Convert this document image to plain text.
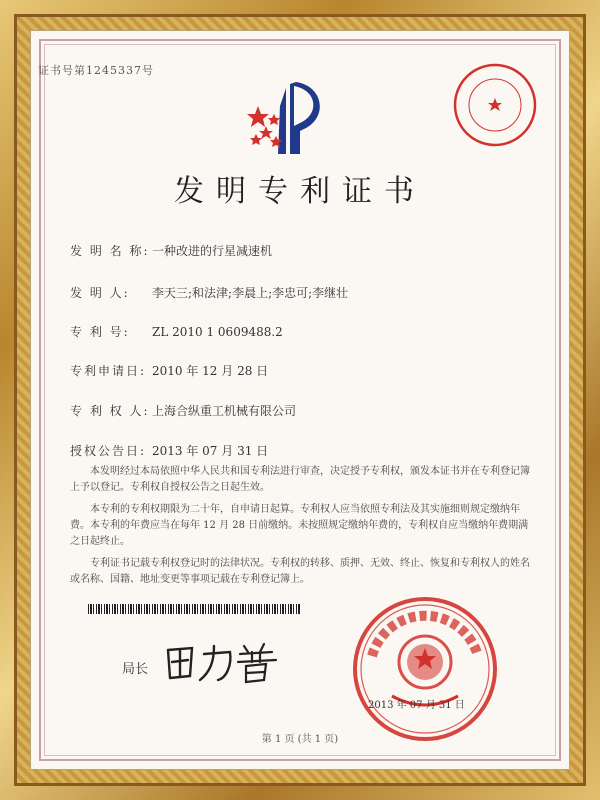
证书号第1245337号
发明专利证书
发 明 名 称: 一种改进的行星减速机
发 明 人: 李天三;和法津;李晨上;李忠可;李继壮
专 利 号: ZL 2010 1 0609488.2
专利申请日: 2010 年 12 月 28 日
专 利 权 人: 上海合纵重工机械有限公司
授权公告日: 2013 年 07 月 31 日

本发明经过本局依照中华人民共和国专利法进行审查，决定授予专利权，颁发本证书并在专利登记簿上予以登记。专利权自授权公告之日起生效。

本专利的专利权期限为二十年，自申请日起算。专利权人应当依照专利法及其实施细则规定缴纳年费。本专利的年费应当在每年 12 月 28 日前缴纳。未按照规定缴纳年费的，专利权自应当缴纳年费期满之日起终止。

专利证书记载专利权登记时的法律状况。专利权的转移、质押、无效、终止、恢复和专利权人的姓名或名称、国籍、地址变更等事项记载在专利登记簿上。

局长
2013 年 07 月 31 日
第 1 页 (共 1 页)
